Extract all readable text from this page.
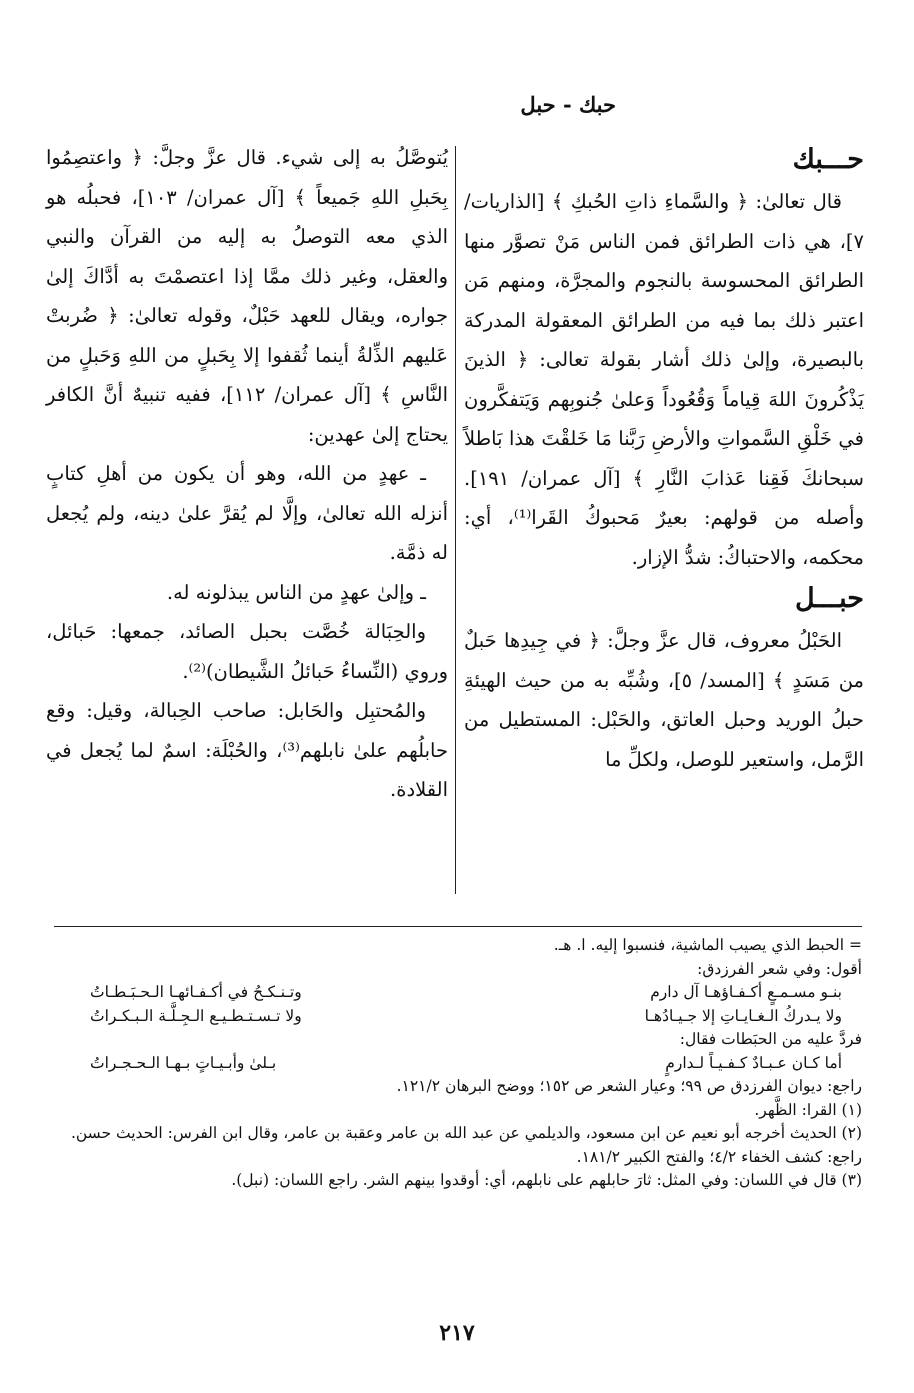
حبك - حبل
حـــبك

قال تعالىٰ: ﴿ والسَّماءِ ذاتِ الحُبكِ ﴾ [الذاريات/ ٧]، هي ذات الطرائق فمن الناس مَنْ تصوَّر منها الطرائق المحسوسة بالنجوم والمجرَّة، ومنهم مَن اعتبر ذلك بما فيه من الطرائق المعقولة المدركة بالبصيرة، وإلىٰ ذلك أشار بقولة تعالى: ﴿ الذينَ يَذْكُرونَ اللهَ قِياماً وَقُعُوداً وَعلىٰ جُنوبِهم وَيَتفكَّرون في خَلْقِ السَّمواتِ والأرضِ رَبَّنا مَا خَلقْتَ هذا بَاطلاً سبحانكَ فَقِنا عَذابَ النَّارِ ﴾ [آل عمران/ ١٩١]. وأصله من قولهم: بعيرٌ مَحبوكُ القَرا⁽¹⁾، أي: محكمه، والاحتباكُ: شدُّ الإزار.

حبـــل

الحَبْلُ معروف، قال عزَّ وجلَّ: ﴿ في جِيدِها حَبلٌ من مَسَدٍ ﴾ [المسد/ ٥]، وشُبِّه به من حيث الهيئةِ حبلُ الوريد وحبل العاتق، والحَبْل: المستطيل من الرَّمل، واستعير للوصل، ولكلِّ ما

يُتوصَّلُ به إلى شيء. قال عزَّ وجلَّ: ﴿ واعتصِمُوا بِحَبلِ اللهِ جَميعاً ﴾ [آل عمران/ ١٠٣]، فحبلُه هو الذي معه التوصلُ به إليه من القرآن والنبي والعقل، وغير ذلك ممَّا إذا اعتصمْتَ به أدَّاكَ إلىٰ جواره، ويقال للعهد حَبْلٌ، وقوله تعالىٰ: ﴿ ضُربتْ عَليهم الذِّلةُ أينما ثُقفوا إلا بِحَبلٍ من اللهِ وَحَبلٍ من النَّاسِ ﴾ [آل عمران/ ١١٢]، ففيه تنبيهٌ أنَّ الكافر يحتاج إلىٰ عهدين:

ـ عهدٍ من الله، وهو أن يكون من أهلِ كتابٍ أنزله الله تعالىٰ، وإلَّا لم يُقرَّ علىٰ دينه، ولم يُجعل له ذمَّة.

ـ وإلىٰ عهدٍ من الناس يبذلونه له.

والحِبَالة خُصَّت بحبل الصائد، جمعها: حَبائل، وروي (النِّساءُ حَبائلُ الشَّيطان)⁽²⁾.

والمُحتبِل والحَابل: صاحب الحِبالة، وقيل: وقع حابلُهم علىٰ نابلهم⁽³⁾، والحُبْلَة: اسمٌ لما يُجعل في القلادة.

= الحبط الذي يصيب الماشية، فنسبوا إليه. ا. هـ.

أقول: وفي شعر الفرزدق:

بنـو مسـمـعٍ أكـفـاؤهـا آل دارم
وتـنـكـحُ في أكـفـائهـا الـحـبَـطـاتُ
ولا يـدركُ الـغـايـاتِ إلا جـيـادُهـا
ولا تـسـتـطـيـع الـجِـلَّـة الـبـكـراتُ

فردَّ عليه من الحبَطات فقال:

أما كـان عـبـادٌ كـفـيـاً لـدارمٍ
بـلىٰ وأبـيـاتٍ بـهـا الـحـجـراتُ

راجع: ديوان الفرزدق ص ٩٩؛ وعيار الشعر ص ١٥٢؛ ووضح البرهان ١٢١/٢.

(١) القرا: الظَّهر.

(٢) الحديث أخرجه أبو نعيم عن ابن مسعود، والديلمي عن عبد الله بن عامر وعقبة بن عامر، وقال ابن الفرس: الحديث حسن. راجع: كشف الخفاء ٤/٢؛ والفتح الكبير ١٨١/٢.

(٣) قال في اللسان: وفي المثل: ثارَ حابلهم على نابلهم، أي: أوقدوا بينهم الشر. راجع اللسان: (نبل).

٢١٧
